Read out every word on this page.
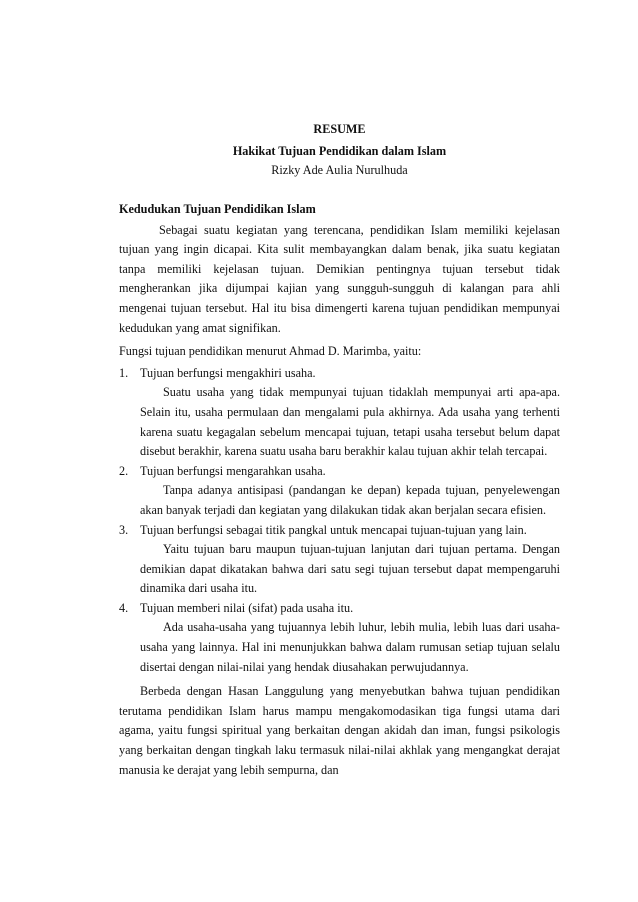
RESUME
Hakikat Tujuan Pendidikan dalam Islam
Rizky Ade Aulia Nurulhuda
Kedudukan Tujuan Pendidikan Islam

Sebagai suatu kegiatan yang terencana, pendidikan Islam memiliki kejelasan tujuan yang ingin dicapai. Kita sulit membayangkan dalam benak, jika suatu kegiatan tanpa memiliki kejelasan tujuan. Demikian pentingnya tujuan tersebut tidak mengherankan jika dijumpai kajian yang sungguh-sungguh di kalangan para ahli mengenai tujuan tersebut. Hal itu bisa dimengerti karena tujuan pendidikan mempunyai kedudukan yang amat signifikan.

Fungsi tujuan pendidikan menurut Ahmad D. Marimba, yaitu:

1. Tujuan berfungsi mengakhiri usaha.
Suatu usaha yang tidak mempunyai tujuan tidaklah mempunyai arti apa-apa. Selain itu, usaha permulaan dan mengalami pula akhirnya. Ada usaha yang terhenti karena suatu kegagalan sebelum mencapai tujuan, tetapi usaha tersebut belum dapat disebut berakhir, karena suatu usaha baru berakhir kalau tujuan akhir telah tercapai.
2. Tujuan berfungsi mengarahkan usaha.
Tanpa adanya antisipasi (pandangan ke depan) kepada tujuan, penyelewengan akan banyak terjadi dan kegiatan yang dilakukan tidak akan berjalan secara efisien.
3. Tujuan berfungsi sebagai titik pangkal untuk mencapai tujuan-tujuan yang lain.
Yaitu tujuan baru maupun tujuan-tujuan lanjutan dari tujuan pertama. Dengan demikian dapat dikatakan bahwa dari satu segi tujuan tersebut dapat mempengaruhi dinamika dari usaha itu.
4. Tujuan memberi nilai (sifat) pada usaha itu.
Ada usaha-usaha yang tujuannya lebih luhur, lebih mulia, lebih luas dari usaha-usaha yang lainnya. Hal ini menunjukkan bahwa dalam rumusan setiap tujuan selalu disertai dengan nilai-nilai yang hendak diusahakan perwujudannya.

Berbeda dengan Hasan Langgulung yang menyebutkan bahwa tujuan pendidikan terutama pendidikan Islam harus mampu mengakomodasikan tiga fungsi utama dari agama, yaitu fungsi spiritual yang berkaitan dengan akidah dan iman, fungsi psikologis yang berkaitan dengan tingkah laku termasuk nilai-nilai akhlak yang mengangkat derajat manusia ke derajat yang lebih sempurna, dan
